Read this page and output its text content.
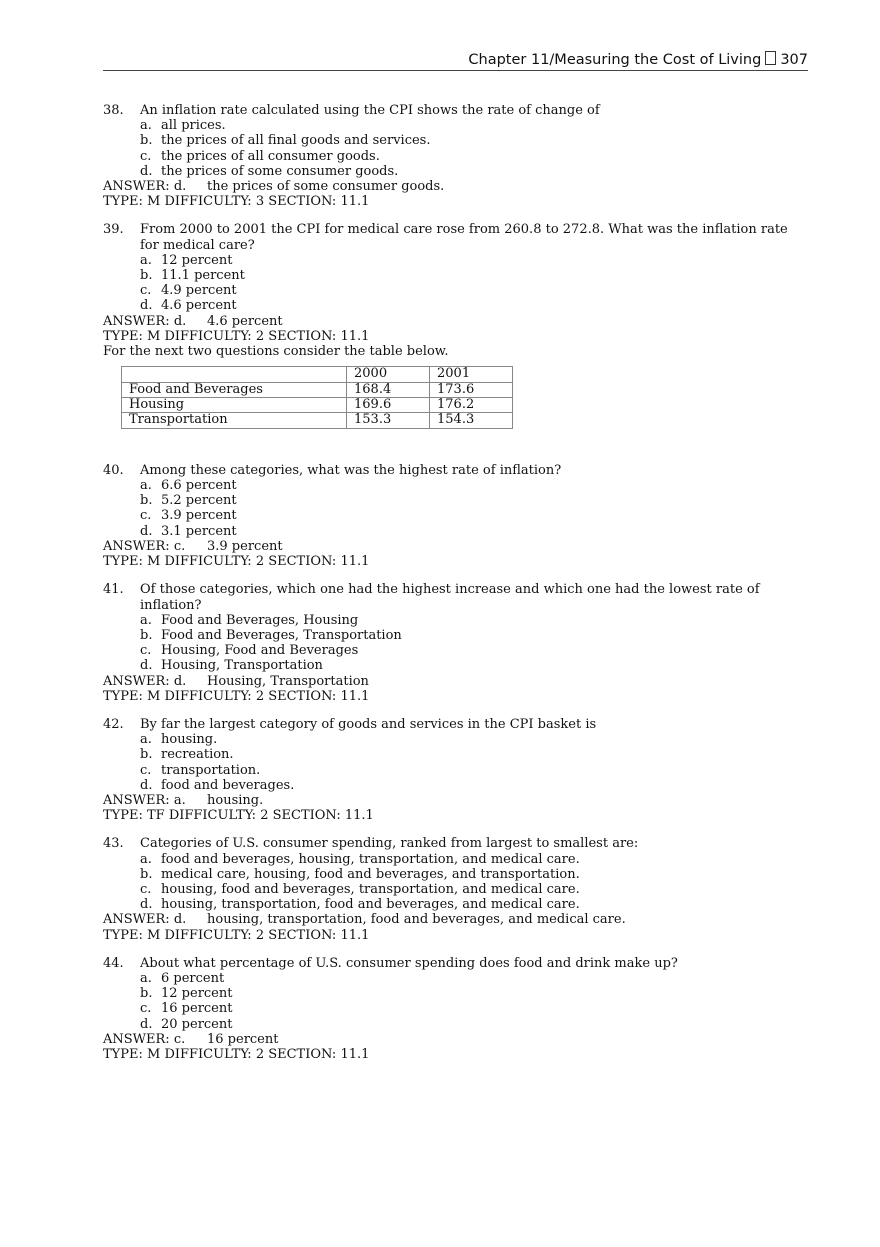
Chapter 11/Measuring the Cost of Living 307
38.	An inflation rate calculated using the CPI shows the rate of change of
a. all prices.
b. the prices of all final goods and services.
c. the prices of all consumer goods.
d. the prices of some consumer goods.
ANSWER: d. the prices of some consumer goods.
TYPE: M DIFFICULTY: 3 SECTION: 11.1
39.	From 2000 to 2001 the CPI for medical care rose from 260.8 to 272.8. What was the inflation rate for medical care?
a. 12 percent
b. 11.1 percent
c. 4.9 percent
d. 4.6 percent
ANSWER: d. 4.6 percent
TYPE: M DIFFICULTY: 2 SECTION: 11.1
For the next two questions consider the table below.
	2000	2001
Food and Beverages	168.4	173.6
Housing	169.6	176.2
Transportation	153.3	154.3
40.	Among these categories, what was the highest rate of inflation?
a. 6.6 percent
b. 5.2 percent
c. 3.9 percent
d. 3.1 percent
ANSWER: c. 3.9 percent
TYPE: M DIFFICULTY: 2 SECTION: 11.1
41.	Of those categories, which one had the highest increase and which one had the lowest rate of inflation?
a. Food and Beverages, Housing
b. Food and Beverages, Transportation
c. Housing, Food and Beverages
d. Housing, Transportation
ANSWER: d. Housing, Transportation
TYPE: M DIFFICULTY: 2 SECTION: 11.1
42.	By far the largest category of goods and services in the CPI basket is
a. housing.
b. recreation.
c. transportation.
d. food and beverages.
ANSWER: a. housing.
TYPE: TF DIFFICULTY: 2 SECTION: 11.1
43.	Categories of U.S. consumer spending, ranked from largest to smallest are:
a. food and beverages, housing, transportation, and medical care.
b. medical care, housing, food and beverages, and transportation.
c. housing, food and beverages, transportation, and medical care.
d. housing, transportation, food and beverages, and medical care.
ANSWER: d. housing, transportation, food and beverages, and medical care.
TYPE: M DIFFICULTY: 2 SECTION: 11.1
44.	About what percentage of U.S. consumer spending does food and drink make up?
a. 6 percent
b. 12 percent
c. 16 percent
d. 20 percent
ANSWER: c. 16 percent
TYPE: M DIFFICULTY: 2 SECTION: 11.1
